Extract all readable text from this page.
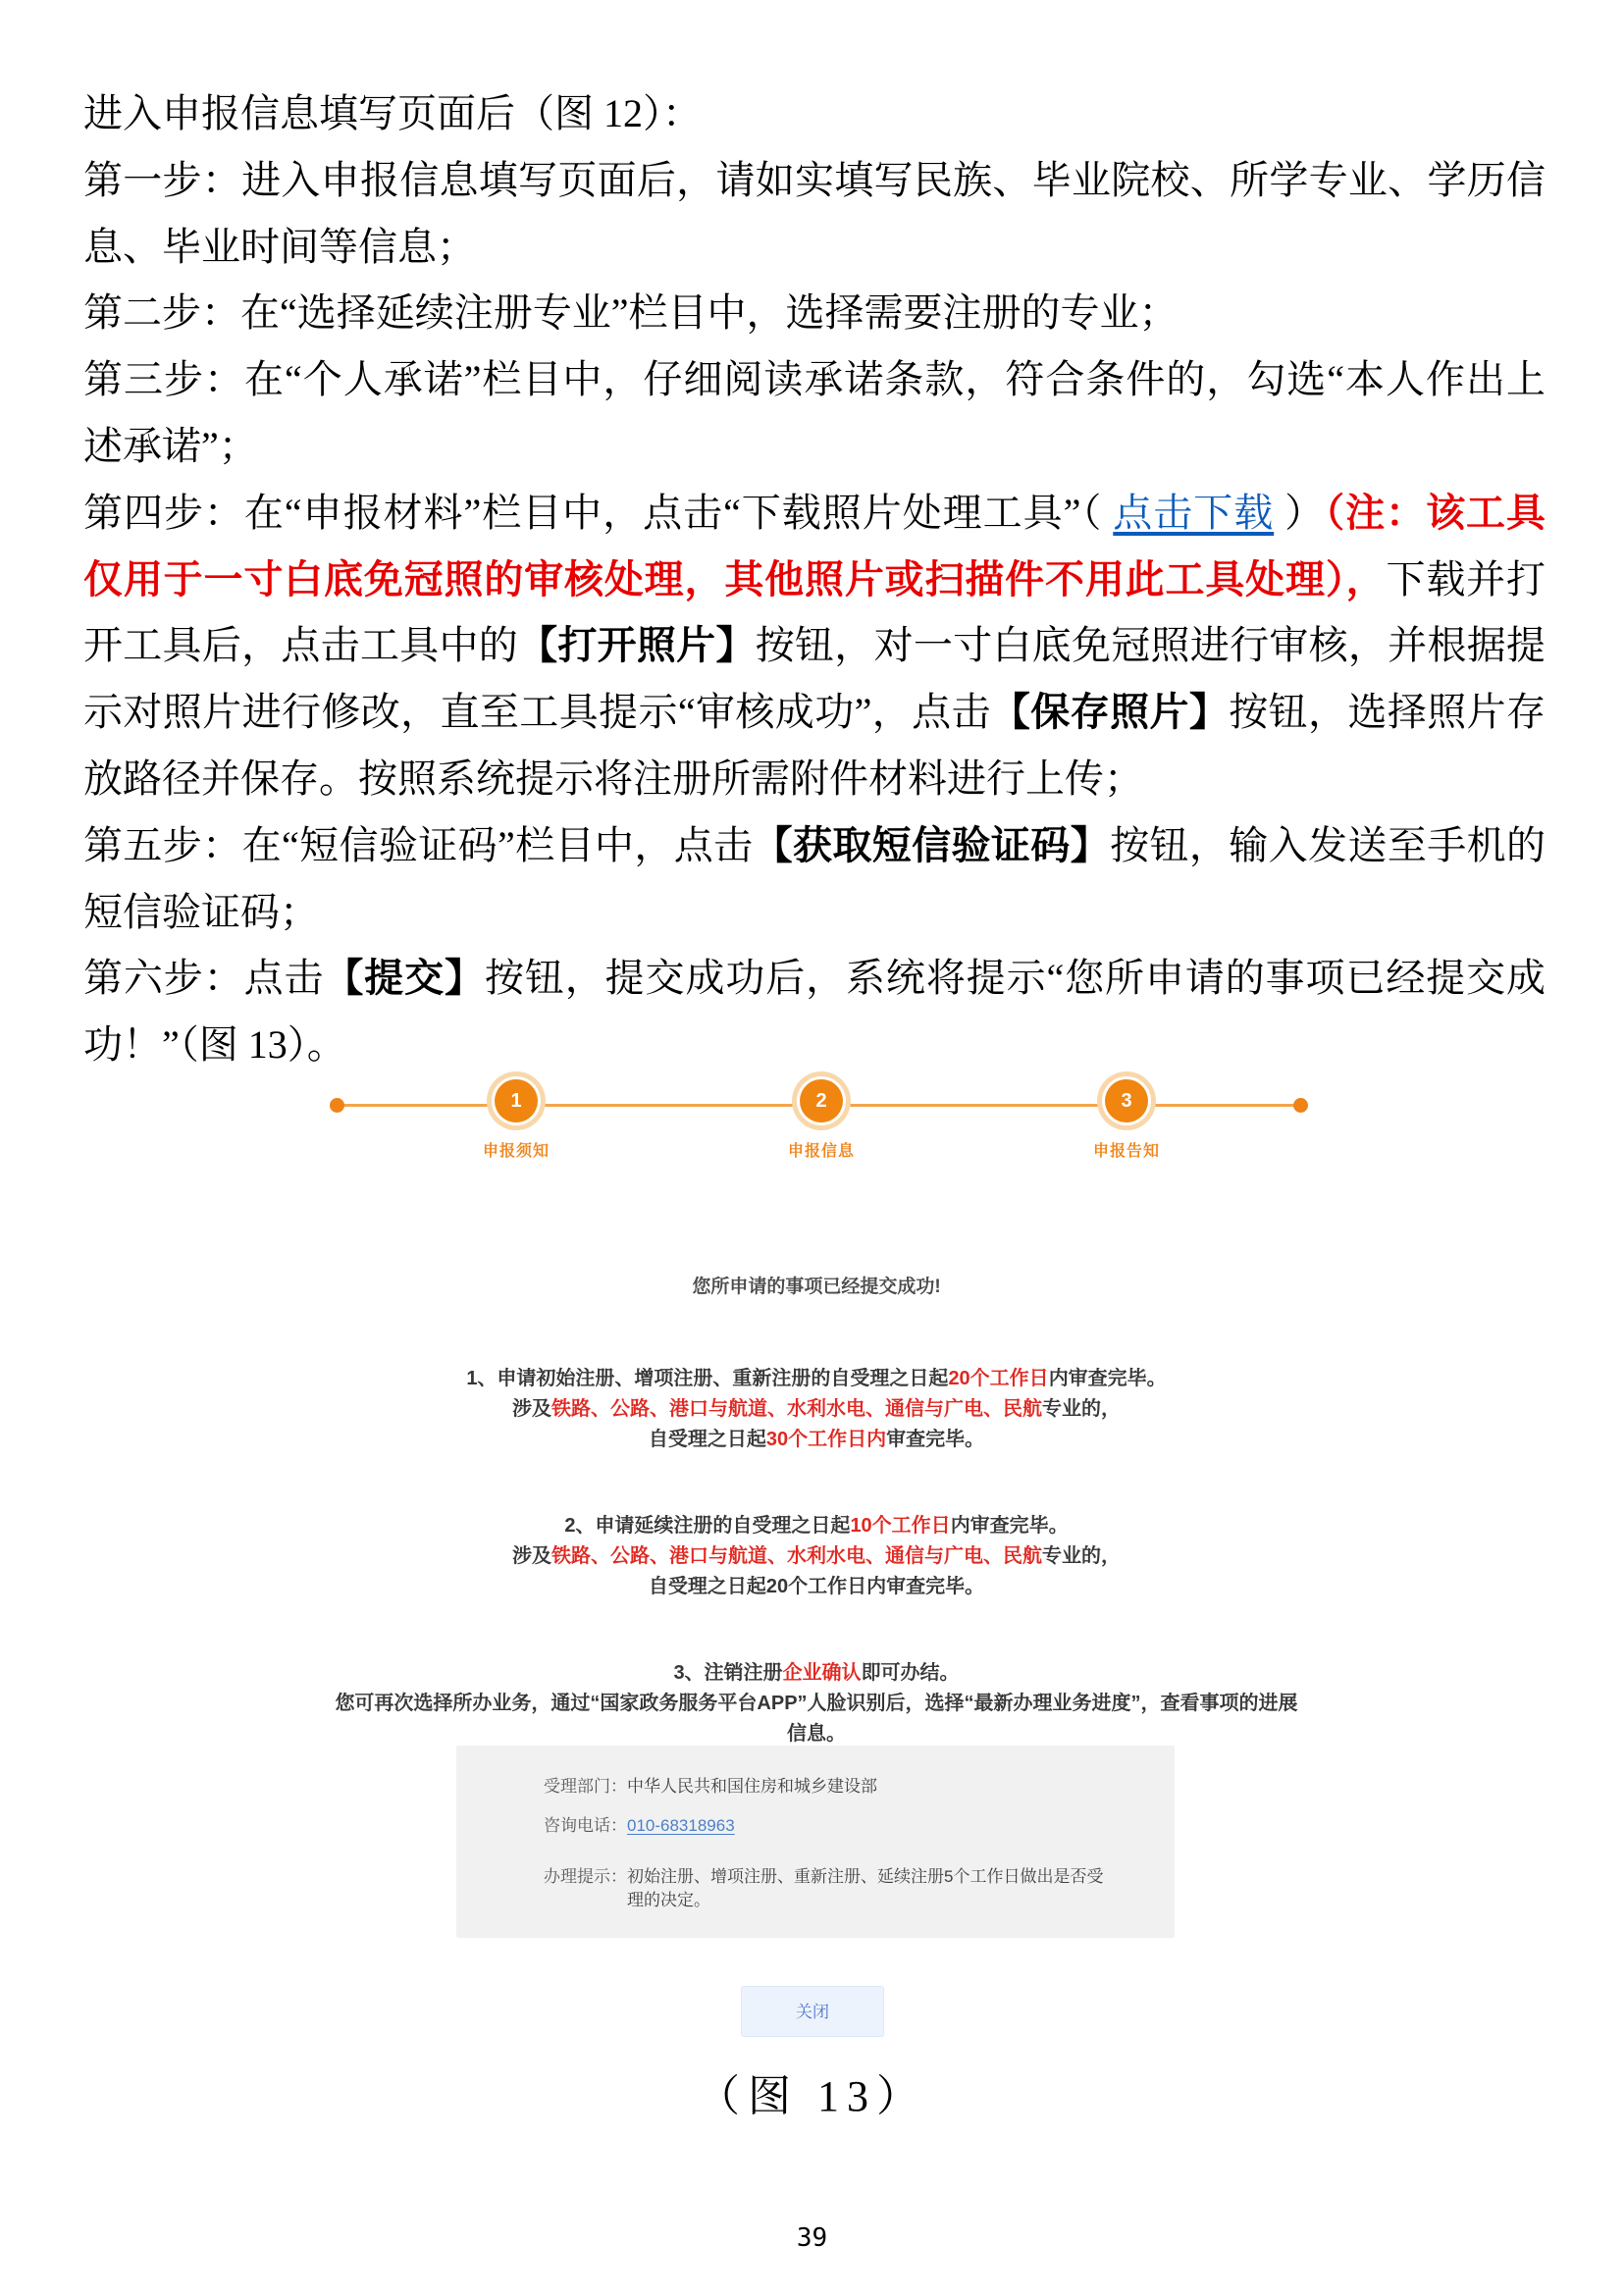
进入申报信息填写页面后（图 12）：

第一步：进入申报信息填写页面后，请如实填写民族、毕业院校、所学专业、学历信息、毕业时间等信息；

第二步：在“选择延续注册专业”栏目中，选择需要注册的专业；

第三步：在“个人承诺”栏目中，仔细阅读承诺条款，符合条件的，勾选“本人作出上述承诺”；

第四步：在“申报材料”栏目中，点击“下载照片处理工具”（ 点击下载 ）（注：该工具仅用于一寸白底免冠照的审核处理，其他照片或扫描件不用此工具处理），下载并打开工具后，点击工具中的【打开照片】按钮，对一寸白底免冠照进行审核，并根据提示对照片进行修改，直至工具提示“审核成功”，点击【保存照片】按钮，选择照片存放路径并保存。按照系统提示将注册所需附件材料进行上传；

第五步：在“短信验证码”栏目中，点击【获取短信验证码】按钮，输入发送至手机的短信验证码；

第六步：点击【提交】按钮，提交成功后，系统将提示“您所申请的事项已经提交成功！”（图 13）。

1
申报须知
2
申报信息
3
申报告知
您所申请的事项已经提交成功!
1、申请初始注册、增项注册、重新注册的自受理之日起20个工作日内审查完毕。
涉及铁路、公路、港口与航道、水利水电、通信与广电、民航专业的，
自受理之日起30个工作日内审查完毕。
2、申请延续注册的自受理之日起10个工作日内审查完毕。
涉及铁路、公路、港口与航道、水利水电、通信与广电、民航专业的，
自受理之日起20个工作日内审查完毕。
3、注销注册企业确认即可办结。
您可再次选择所办业务，通过“国家政务服务平台APP”人脸识别后，选择“最新办理业务进度”，查看事项的进展信息。
受理部门： 中华人民共和国住房和城乡建设部
咨询电话： 010-68318963
办理提示： 初始注册、增项注册、重新注册、延续注册5个工作日做出是否受理的决定。
关闭
（图 13）
39
